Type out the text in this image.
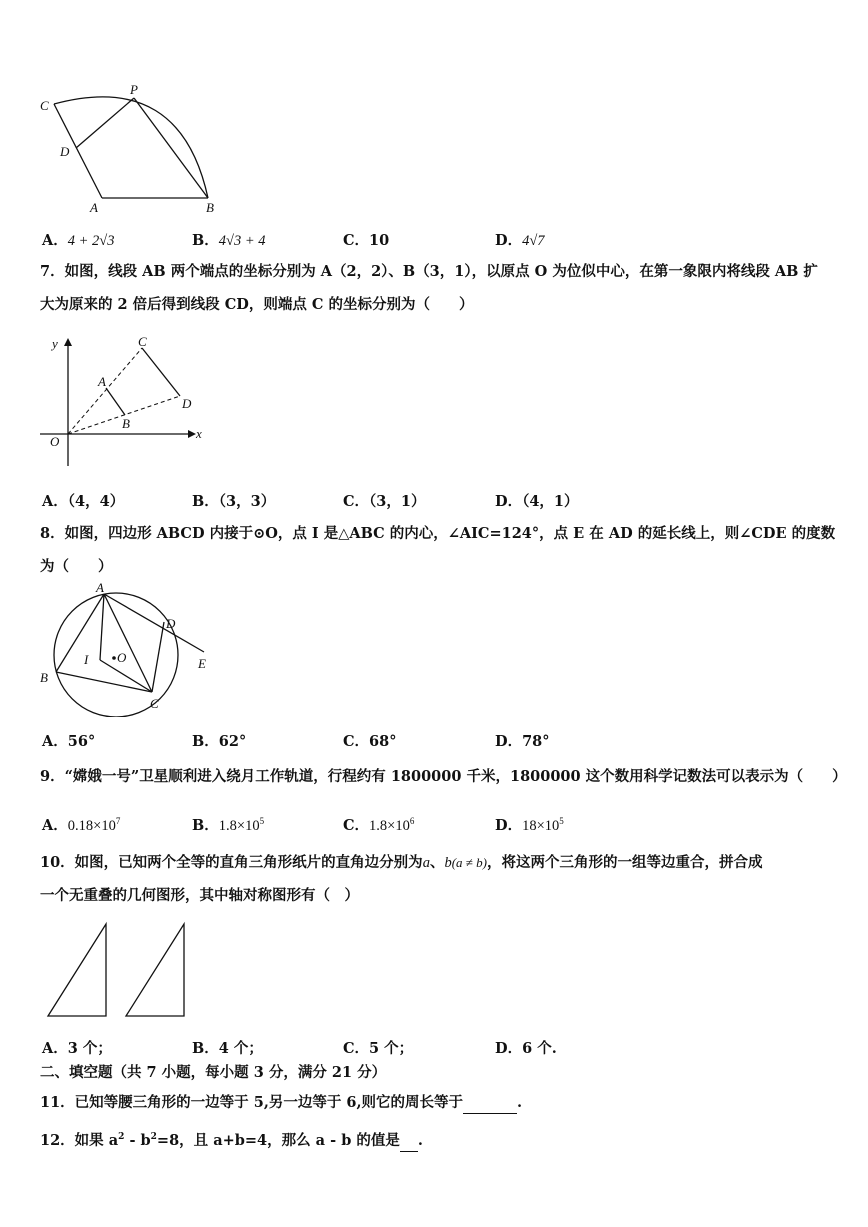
C
P
D
A	B
A．4 + 2√3	B．4√3 + 4	C．10	D．4√7
7．如图，线段 AB 两个端点的坐标分别为 A（2，2）、B（3，1），以原点 O 为位似中心，在第一象限内将线段 AB 扩
大为原来的 2 倍后得到线段 CD，则端点 C 的坐标分别为（　　）
y
x
O
A
B
C
D
A．（4，4）	B．（3，3）	C．（3，1）	D．（4，1）
8．如图，四边形 ABCD 内接于⊙O，点 I 是△ABC 的内心，∠AIC=124°，点 E 在 AD 的延长线上，则∠CDE 的度数
为（　　）
A
B
C
D
E
I O
A．56°	B．62°	C．68°	D．78°
9．“嫦娥一号”卫星顺利进入绕月工作轨道，行程约有 1800000 千米，1800000 这个数用科学记数法可以表示为（　　）
A．$0.18\times 10^7$	B．$1.8\times 10^5$	C．$1.8\times 10^6$	D．$18\times 10^5$
10．如图，已知两个全等的直角三角形纸片的直角边分别为a、b(a ≠ b)，将这两个三角形的一组等边重合，拼合成
一个无重叠的几何图形，其中轴对称图形有（　）
A．3 个；	B．4 个；	C．5 个；	D．6 个.
二、填空题（共 7 小题，每小题 3 分，满分 21 分）
11．已知等腰三角形的一边等于 5,另一边等于 6,则它的周长等于	.
12．如果 $a^2 - b^2=8$，且 a+b=4，那么 a - b 的值是 .
